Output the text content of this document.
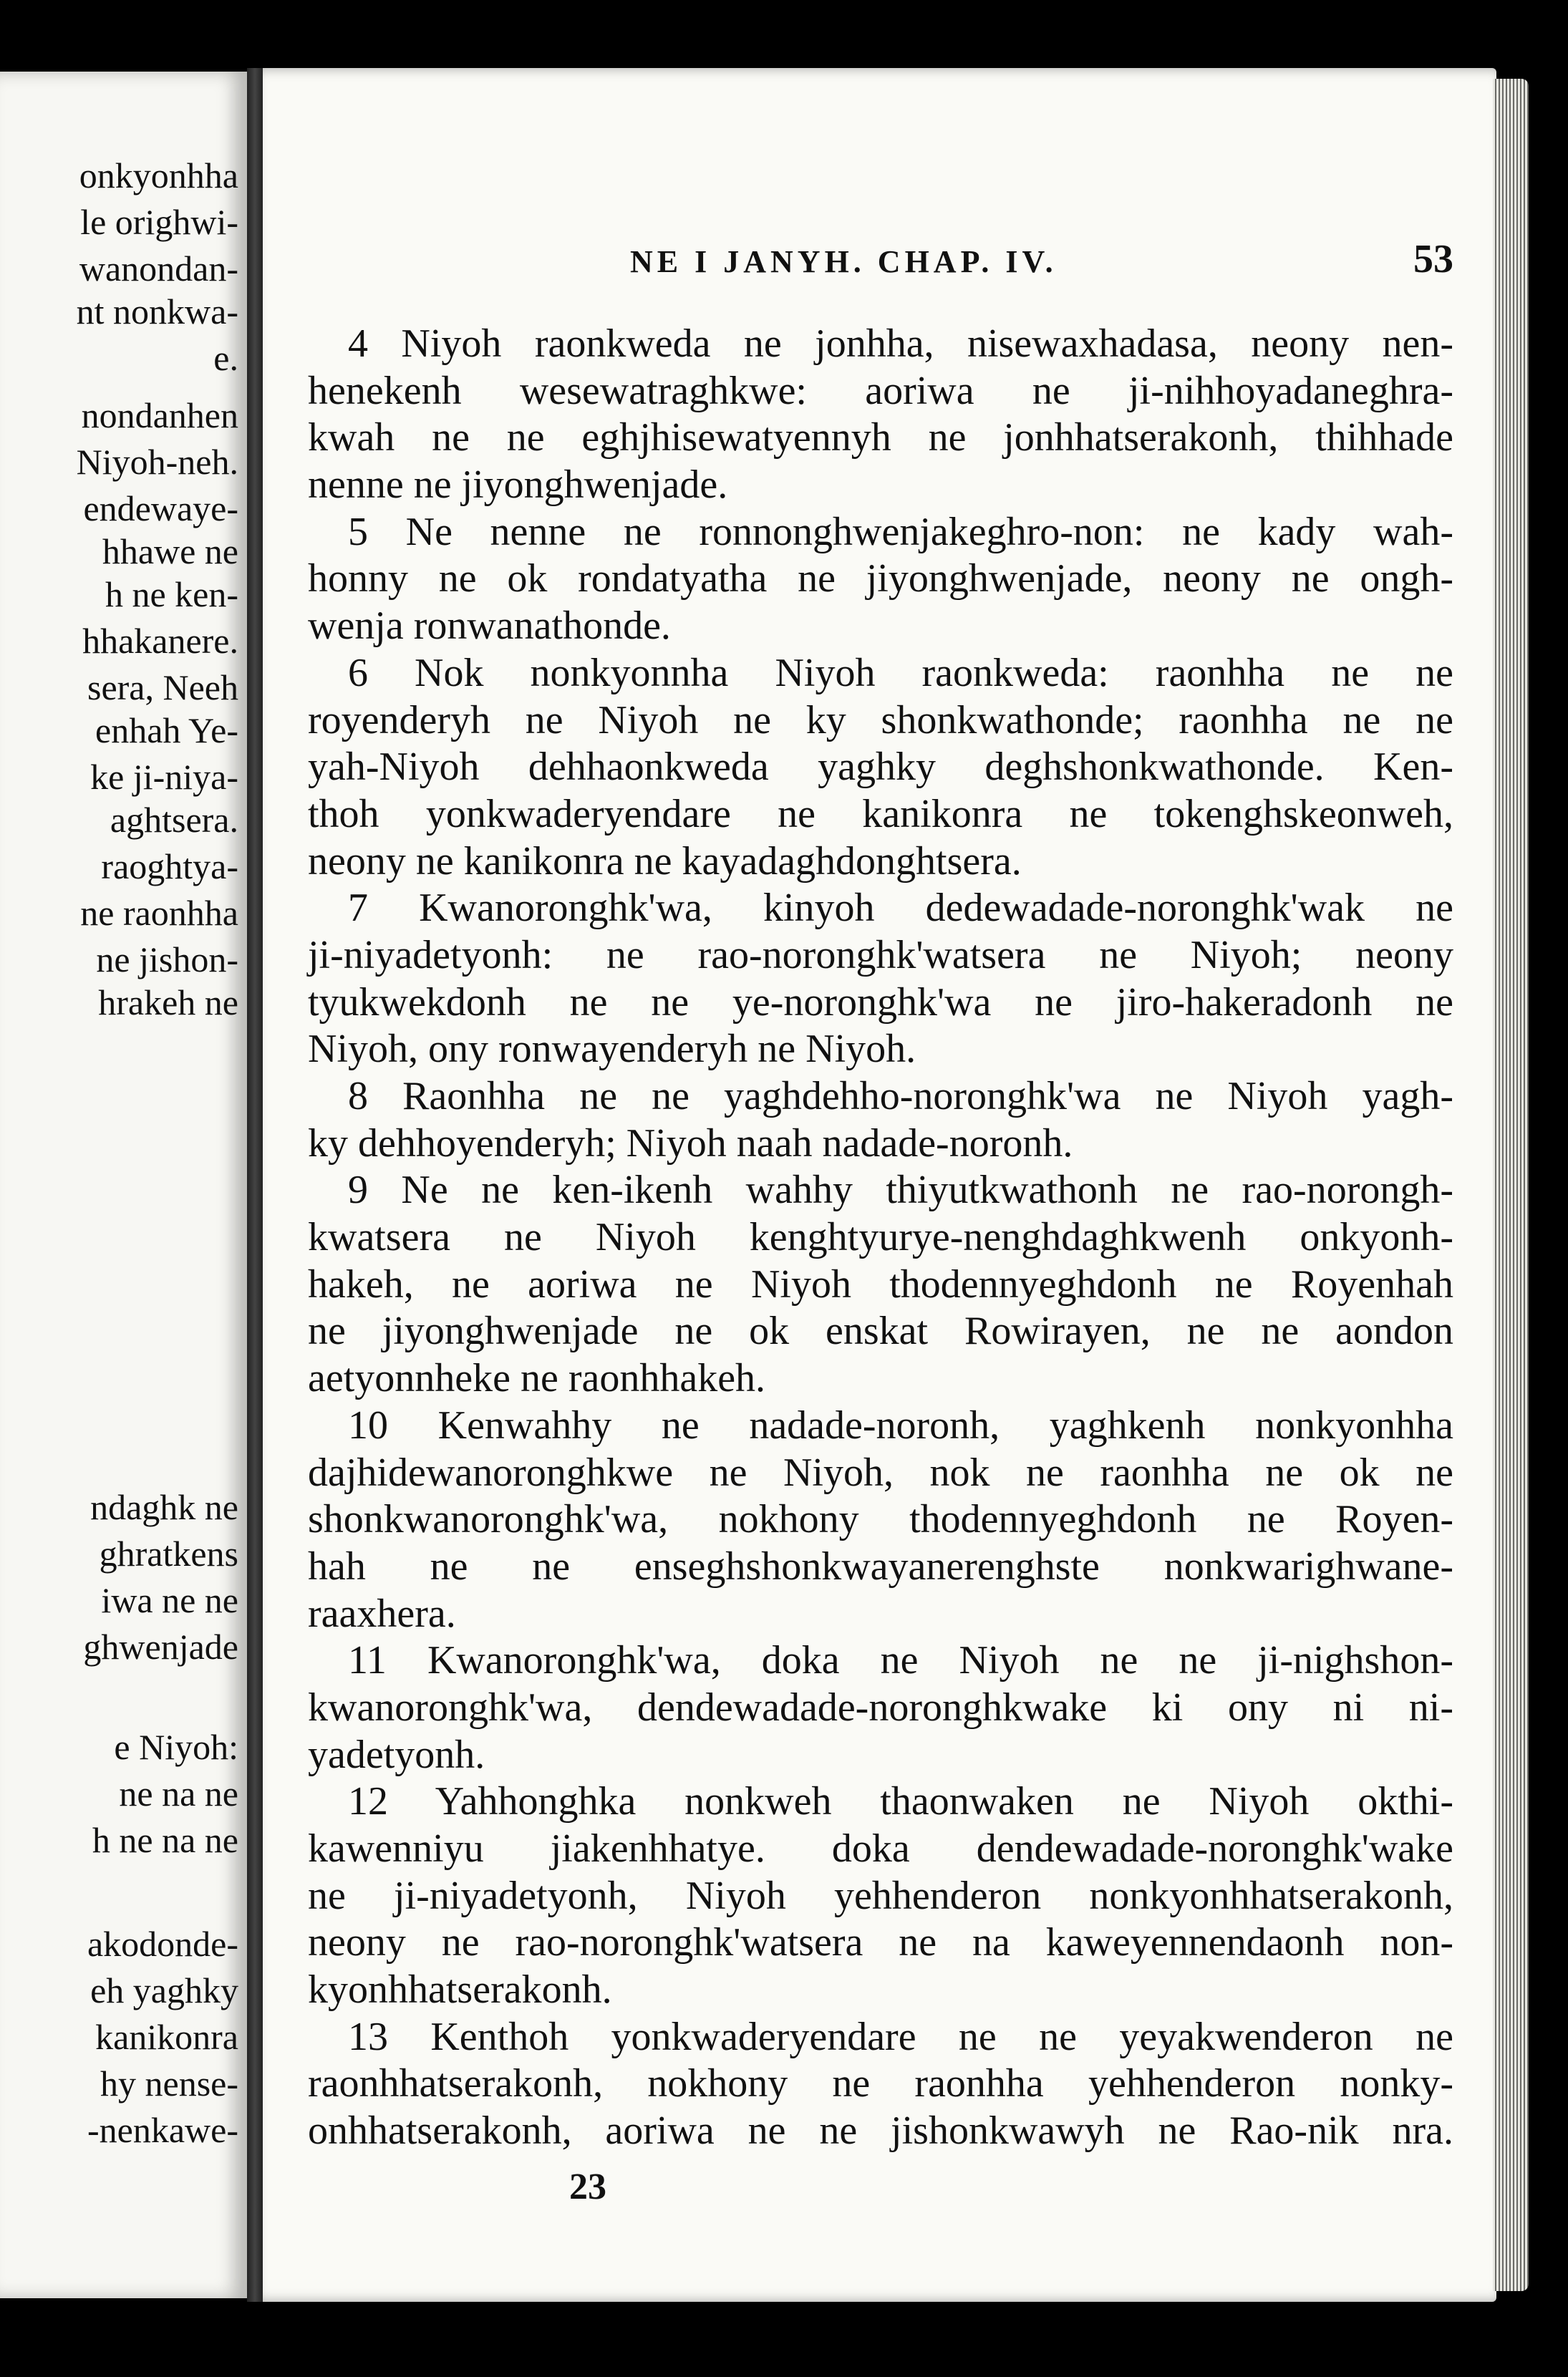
onkyonhha
le orighwi-
wanondan-
nt nonkwa-
e.
nondanhen
Niyoh-neh.
endewaye-
hhawe ne
h ne ken-
hhakanere.
sera, Neeh
enhah Ye-
ke ji-niya-
aghtsera.
raoghtya-
ne raonhha
ne jishon-
hrakeh ne
ndaghk ne
ghratkens
iwa ne ne
ghwenjade
e Niyoh:
ne na ne
h ne na ne
akodonde-
eh yaghky
kanikonra
hy nense-
-nenkawe-
NE I JANYH. CHAP. IV.	53
4 Niyoh raonkweda ne jonhha, nisewaxhadasa, neony nen-
henekenh wesewatraghkwe: aoriwa ne ji-nihhoyadaneghra-
kwah ne ne eghjhisewatyennyh ne jonhhatserakonh, thihhade
nenne ne jiyonghwenjade.
5 Ne nenne ne ronnonghwenjakeghro-non: ne kady wah-
honny ne ok rondatyatha ne jiyonghwenjade, neony ne ongh-
wenja ronwanathonde.
6 Nok nonkyonnha Niyoh raonkweda: raonhha ne ne
royenderyh ne Niyoh ne ky shonkwathonde; raonhha ne ne
yah-Niyoh dehhaonkweda yaghky deghshonkwathonde. Ken-
thoh yonkwaderyendare ne kanikonra ne tokenghskeonweh,
neony ne kanikonra ne kayadaghdonghtsera.
7 Kwanoronghk'wa, kinyoh dedewadade-noronghk'wak ne
ji-niyadetyonh: ne rao-noronghk'watsera ne Niyoh; neony
tyukwekdonh ne ne ye-noronghk'wa ne jiro-hakeradonh ne
Niyoh, ony ronwayenderyh ne Niyoh.
8 Raonhha ne ne yaghdehho-noronghk'wa ne Niyoh yagh-
ky dehhoyenderyh; Niyoh naah nadade-noronh.
9 Ne ne ken-ikenh wahhy thiyutkwathonh ne rao-norongh-
kwatsera ne Niyoh kenghtyurye-nenghdaghkwenh onkyonh-
hakeh, ne aoriwa ne Niyoh thodennyeghdonh ne Royenhah
ne jiyonghwenjade ne ok enskat Rowirayen, ne ne aondon
aetyonnheke ne raonhhakeh.
10 Kenwahhy ne nadade-noronh, yaghkenh nonkyonhha
dajhidewanoronghkwe ne Niyoh, nok ne raonhha ne ok ne
shonkwanoronghk'wa, nokhony thodennyeghdonh ne Royen-
hah ne ne enseghshonkwayanerenghste nonkwarighwane-
raaxhera.
11 Kwanoronghk'wa, doka ne Niyoh ne ne ji-nighshon-
kwanoronghk'wa, dendewadade-noronghkwake ki ony ni ni-
yadetyonh.
12 Yahhonghka nonkweh thaonwaken ne Niyoh okthi-
kawenniyu jiakenhhatye. doka dendewadade-noronghk'wake
ne ji-niyadetyonh, Niyoh yehhenderon nonkyonhhatserakonh,
neony ne rao-noronghk'watsera ne na kaweyennendaonh non-
kyonhhatserakonh.
13 Kenthoh yonkwaderyendare ne ne yeyakwenderon ne
raonhhatserakonh, nokhony ne raonhha yehhenderon nonky-
onhhatserakonh, aoriwa ne ne jishonkwawyh ne Rao-nik nra.
23
